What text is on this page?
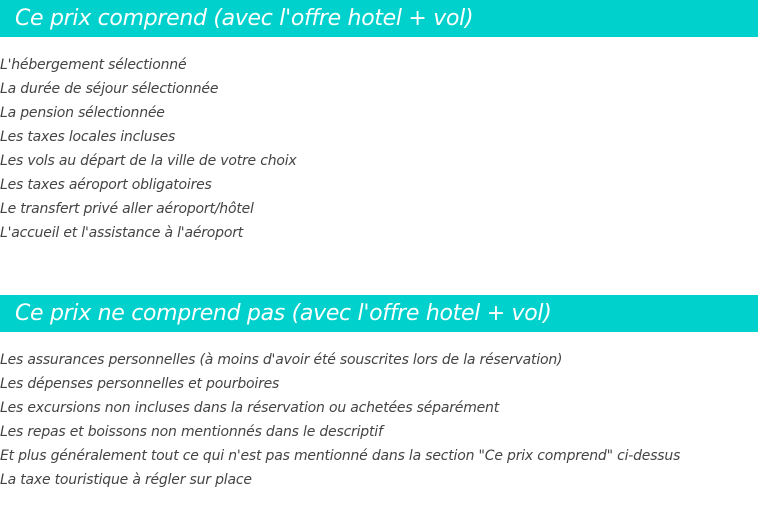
Ce prix comprend (avec l'offre hotel + vol)
L'hébergement sélectionné
La durée de séjour sélectionnée
La pension sélectionnée
Les taxes locales incluses
Les vols au départ de la ville de votre choix
Les taxes aéroport obligatoires
Le transfert privé aller aéroport/hôtel
L'accueil et l'assistance à l'aéroport
Ce prix ne comprend pas (avec l'offre hotel + vol)
Les assurances personnelles (à moins d'avoir été souscrites lors de la réservation)
Les dépenses personnelles et pourboires
Les excursions non incluses dans la réservation ou achetées séparément
Les repas et boissons non mentionnés dans le descriptif
Et plus généralement tout ce qui n'est pas mentionné dans la section "Ce prix comprend" ci-dessus
La taxe touristique à régler sur place
